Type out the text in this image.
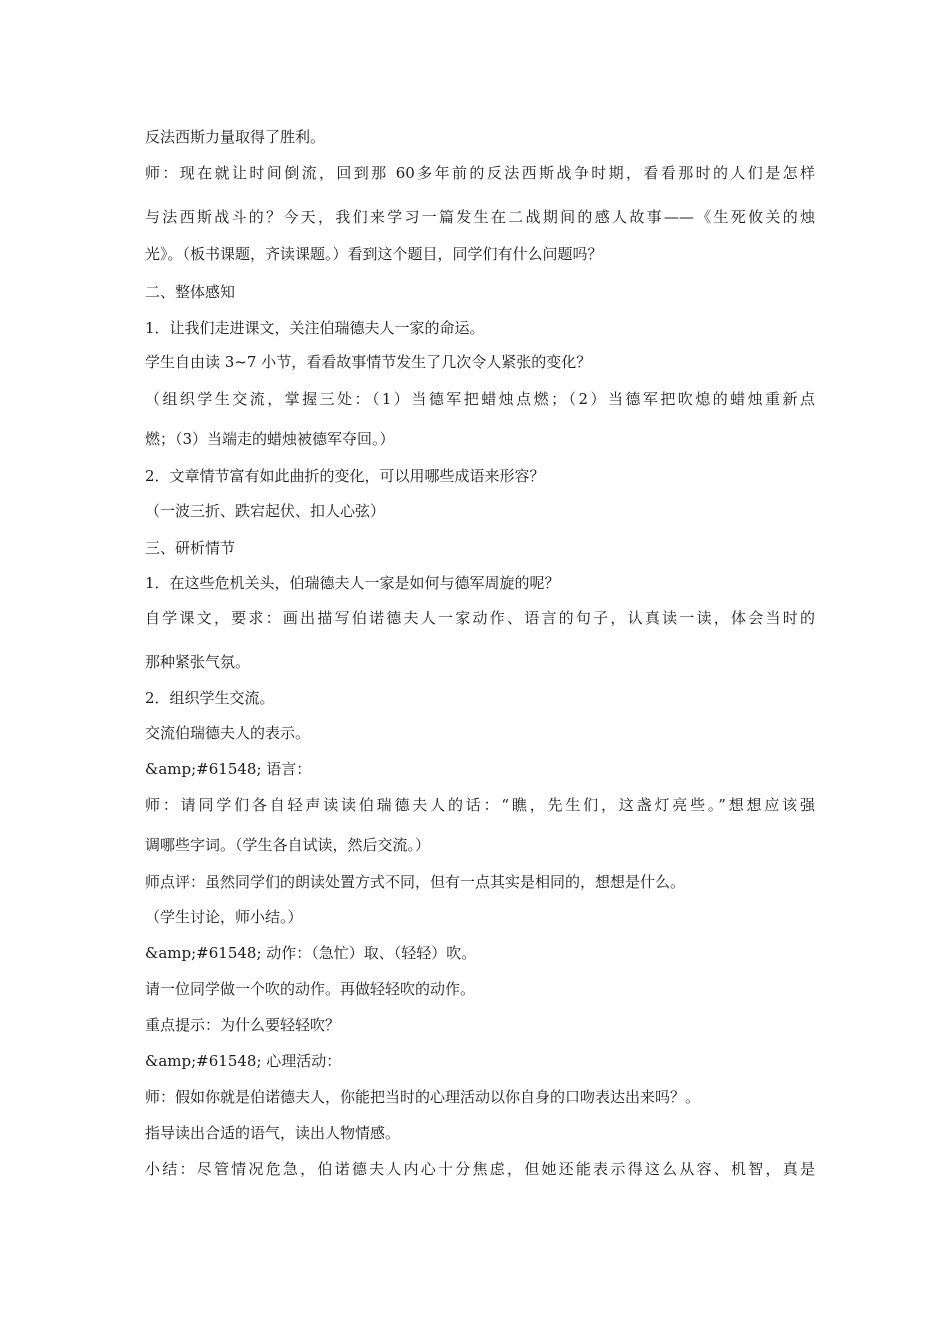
反法西斯力量取得了胜利。
师：现在就让时间倒流，回到那 60多年前的反法西斯战争时期，看看那时的人们是怎样
与法西斯战斗的？今天，我们来学习一篇发生在二战期间的感人故事——《生死攸关的烛
光》。（板书课题，齐读课题。）看到这个题目，同学们有什么问题吗？
二、整体感知
1．让我们走进课文，关注伯瑞德夫人一家的命运。
学生自由读 3~7 小节，看看故事情节发生了几次令人紧张的变化？
（组织学生交流，掌握三处：（1）当德军把蜡烛点燃；（2）当德军把吹熄的蜡烛重新点
燃；（3）当端走的蜡烛被德军夺回。）
2．文章情节富有如此曲折的变化，可以用哪些成语来形容？
（一波三折、跌宕起伏、扣人心弦）
三、研析情节
1．在这些危机关头，伯瑞德夫人一家是如何与德军周旋的呢？
自学课文，要求：画出描写伯诺德夫人一家动作、语言的句子，认真读一读，体会当时的
那种紧张气氛。
2．组织学生交流。
交流伯瑞德夫人的表示。
&amp;#61548; 语言：
师：请同学们各自轻声读读伯瑞德夫人的话：“瞧，先生们，这盏灯亮些。”想想应该强
调哪些字词。（学生各自试读，然后交流。）
师点评：虽然同学们的朗读处置方式不同，但有一点其实是相同的，想想是什么。
（学生讨论，师小结。）
&amp;#61548; 动作：（急忙）取、（轻轻）吹。
请一位同学做一个吹的动作。再做轻轻吹的动作。
重点提示：为什么要轻轻吹？
&amp;#61548; 心理活动：
师：假如你就是伯诺德夫人，你能把当时的心理活动以你自身的口吻表达出来吗？。
指导读出合适的语气，读出人物情感。
小结：尽管情况危急，伯诺德夫人内心十分焦虑，但她还能表示得这么从容、机智，真是
